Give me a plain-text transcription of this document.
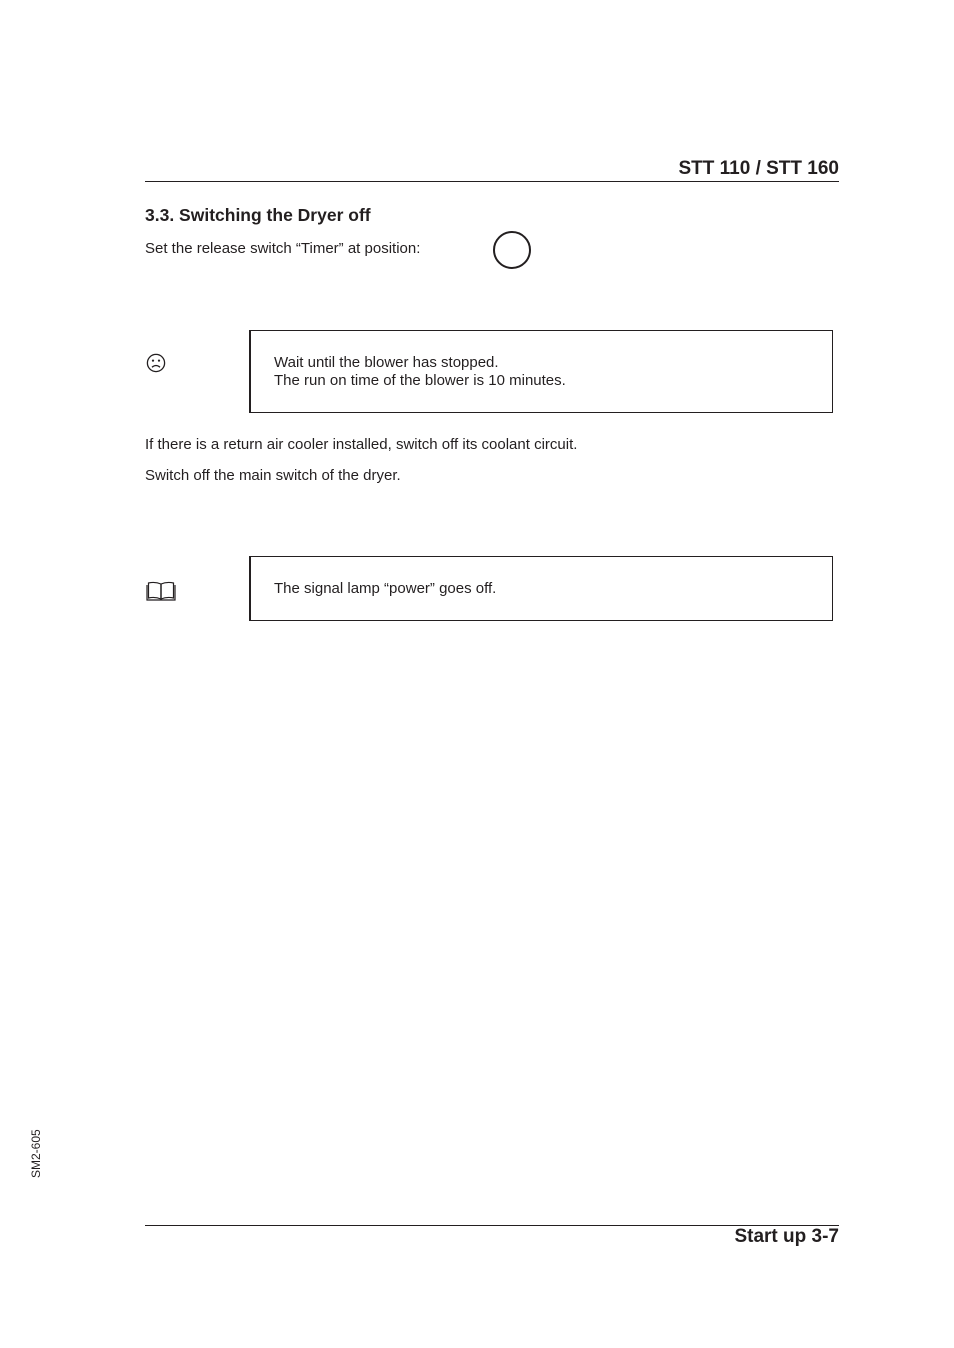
STT 110 / STT 160
3.3. Switching the Dryer off
Set the release switch “Timer” at position:
Wait until the blower has stopped.
The run on time of the blower is 10 minutes.
If there is a return air cooler installed, switch off its coolant circuit.
Switch off the main switch of the dryer.
The signal lamp “power” goes off.
SM2-605
Start up 3-7
